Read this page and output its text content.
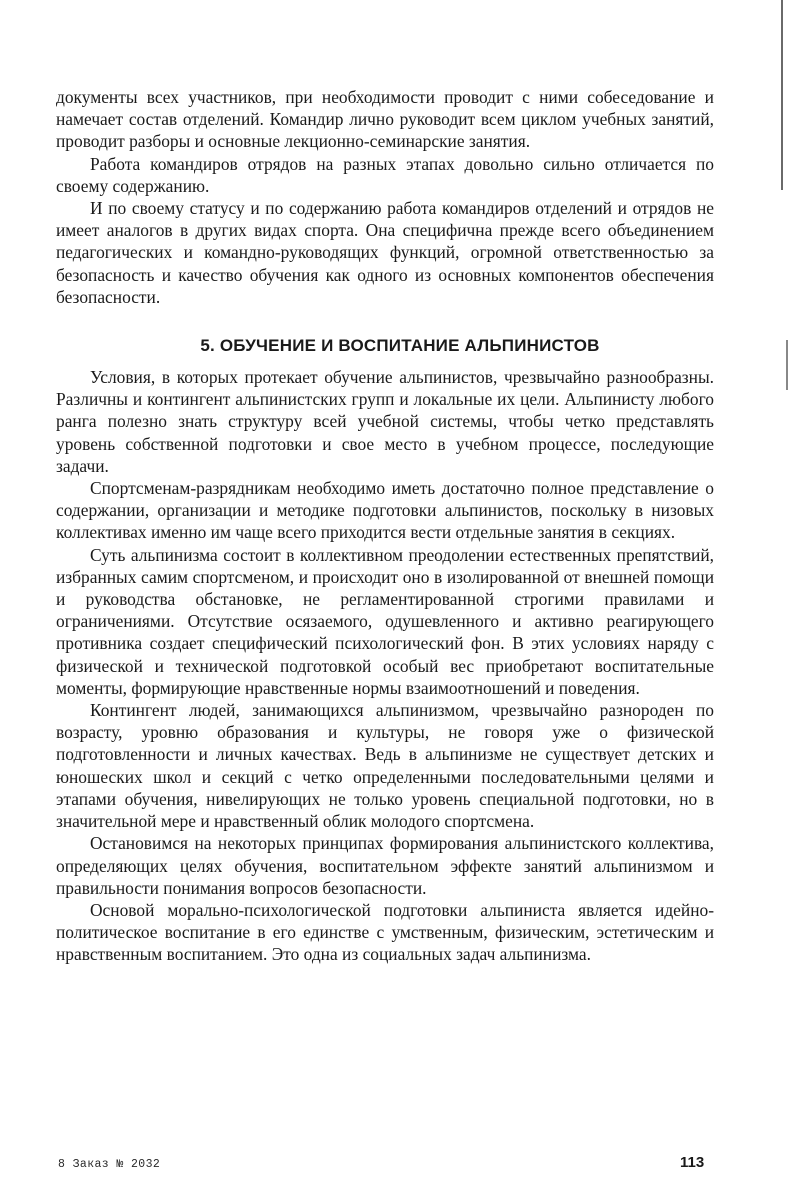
документы всех участников, при необходимости проводит с ними собеседование и намечает состав отделений. Командир лично руководит всем циклом учебных занятий, проводит разборы и основные лекционно-семинарские занятия.

Работа командиров отрядов на разных этапах довольно сильно отличается по своему содержанию.

И по своему статусу и по содержанию работа командиров отделений и отрядов не имеет аналогов в других видах спорта. Она специфична прежде всего объединением педагогических и командно-руководящих функций, огромной ответственностью за безопасность и качество обучения как одного из основных компонентов обеспечения безопасности.

5. ОБУЧЕНИЕ И ВОСПИТАНИЕ АЛЬПИНИСТОВ

Условия, в которых протекает обучение альпинистов, чрезвычайно разнообразны. Различны и контингент альпинистских групп и локальные их цели. Альпинисту любого ранга полезно знать структуру всей учебной системы, чтобы четко представлять уровень собственной подготовки и свое место в учебном процессе, последующие задачи.

Спортсменам-разрядникам необходимо иметь достаточно полное представление о содержании, организации и методике подготовки альпинистов, поскольку в низовых коллективах именно им чаще всего приходится вести отдельные занятия в секциях.

Суть альпинизма состоит в коллективном преодолении естественных препятствий, избранных самим спортсменом, и происходит оно в изолированной от внешней помощи и руководства обстановке, не регламентированной строгими правилами и ограничениями. Отсутствие осязаемого, одушевленного и активно реагирующего противника создает специфический психологический фон. В этих условиях наряду с физической и технической подготовкой особый вес приобретают воспитательные моменты, формирующие нравственные нормы взаимоотношений и поведения.

Контингент людей, занимающихся альпинизмом, чрезвычайно разнороден по возрасту, уровню образования и культуры, не говоря уже о физической подготовленности и личных качествах. Ведь в альпинизме не существует детских и юношеских школ и секций с четко определенными последовательными целями и этапами обучения, нивелирующих не только уровень специальной подготовки, но в значительной мере и нравственный облик молодого спортсмена.

Остановимся на некоторых принципах формирования альпинистского коллектива, определяющих целях обучения, воспитательном эффекте занятий альпинизмом и правильности понимания вопросов безопасности.

Основой морально-психологической подготовки альпиниста является идейно-политическое воспитание в его единстве с умственным, физическим, эстетическим и нравственным воспитанием. Это одна из социальных задач альпинизма.

8 Заказ № 2032	113
